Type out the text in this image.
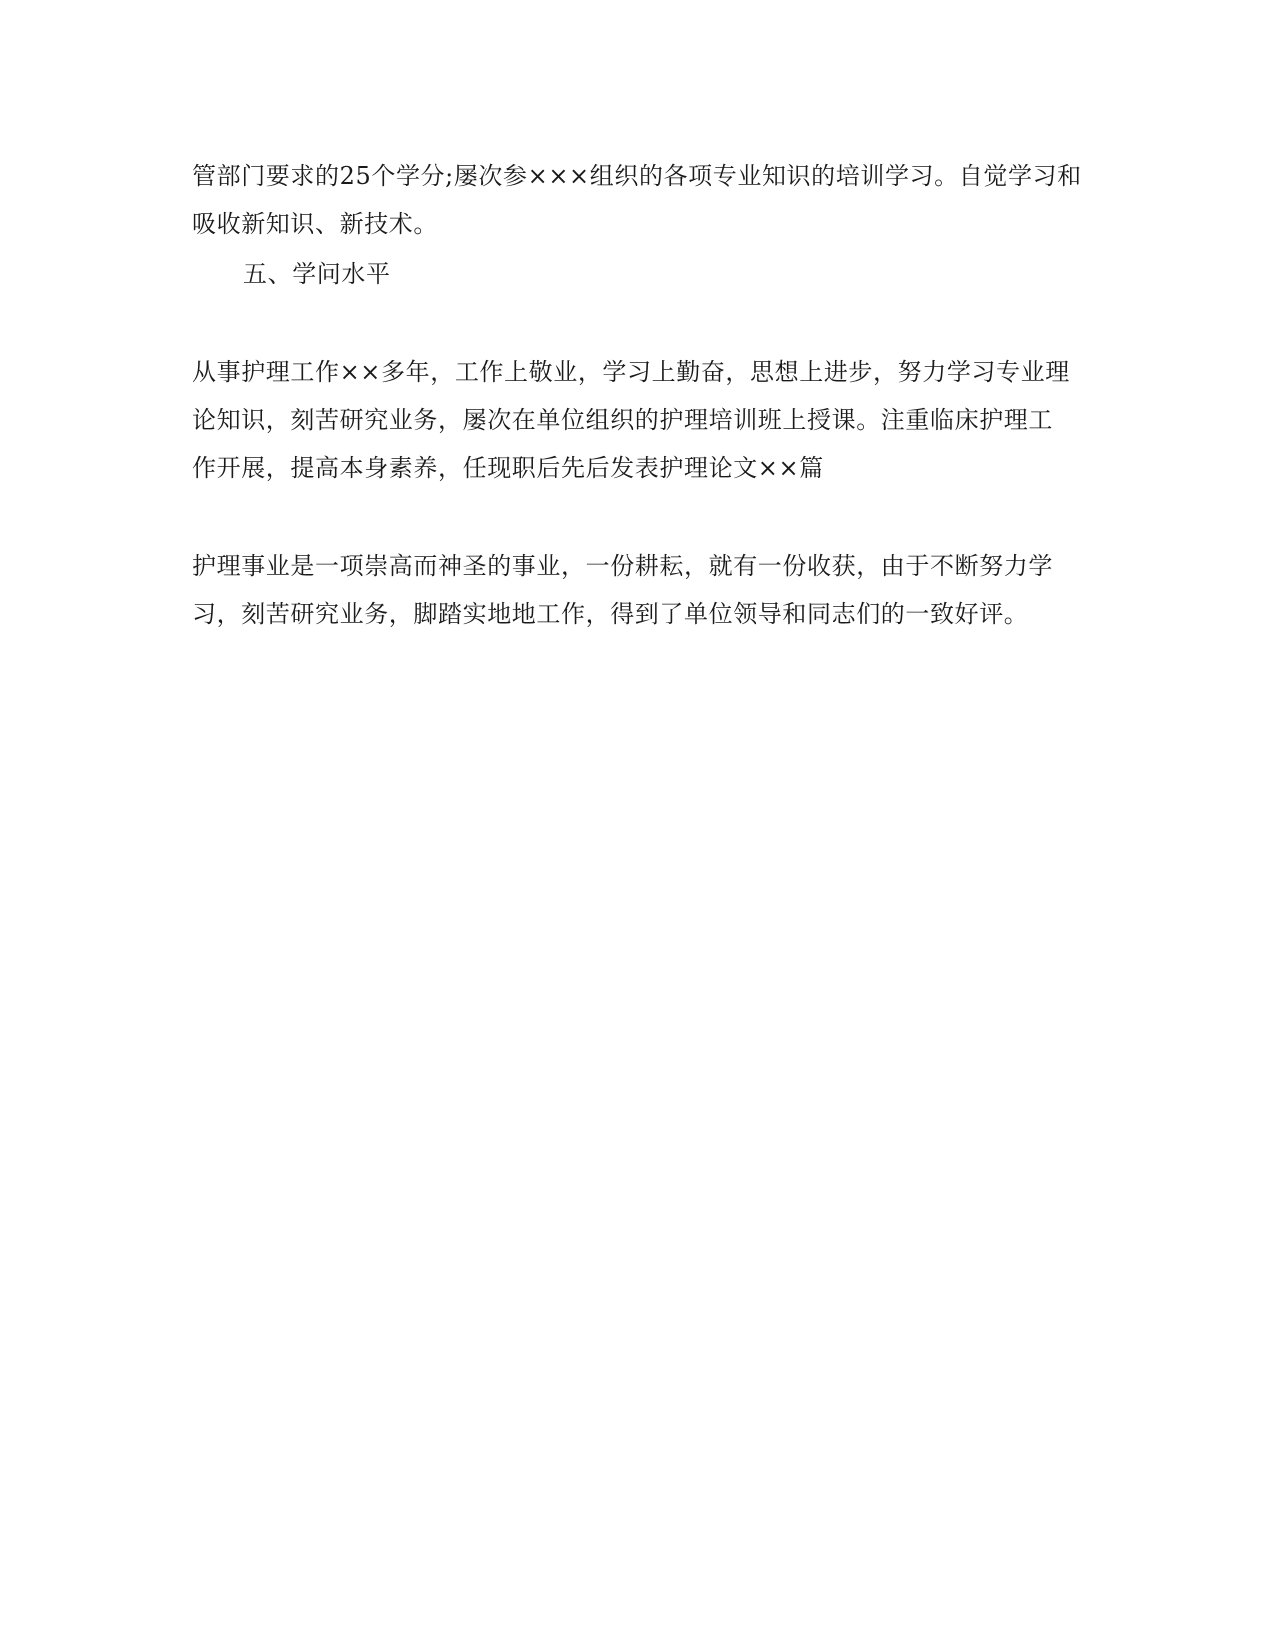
管部门要求的25个学分;屡次参×××组织的各项专业知识的培训学习。自觉学习和
吸收新知识、新技术。

五、学问水平

从事护理工作××多年，工作上敬业，学习上勤奋，思想上进步，努力学习专业理
论知识，刻苦研究业务，屡次在单位组织的护理培训班上授课。注重临床护理工
作开展，提高本身素养，任现职后先后发表护理论文××篇

护理事业是一项崇高而神圣的事业，一份耕耘，就有一份收获，由于不断努力学
习，刻苦研究业务，脚踏实地地工作，得到了单位领导和同志们的一致好评。
